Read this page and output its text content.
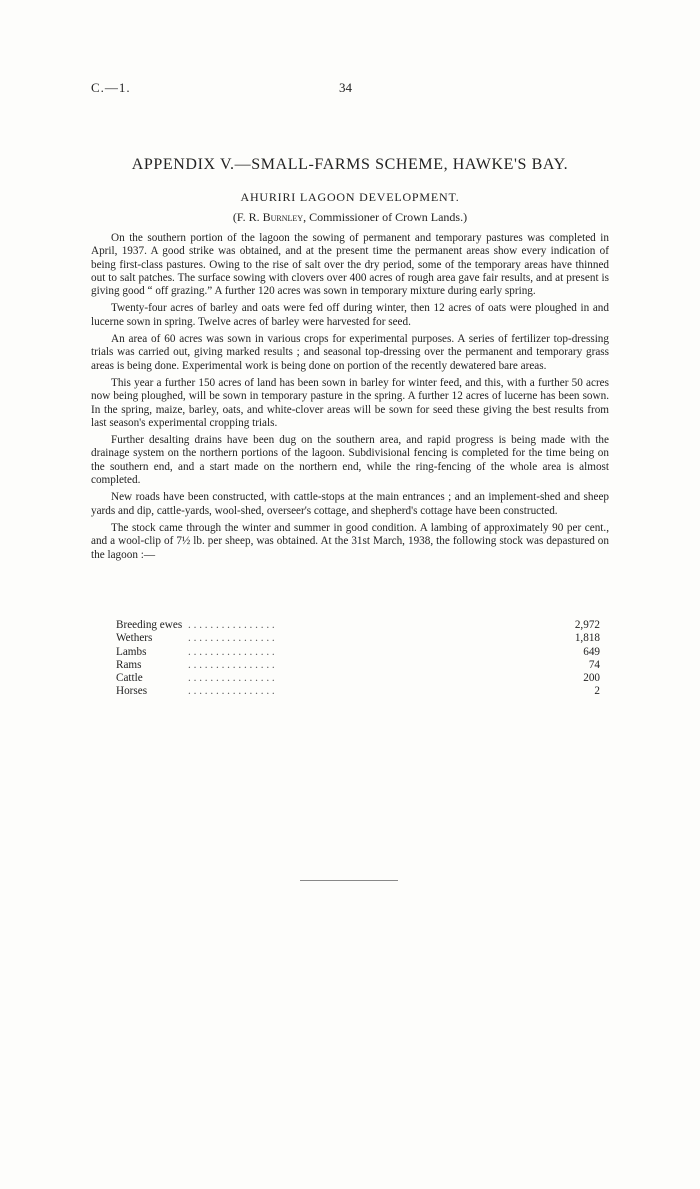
C.—1.	34
APPENDIX V.—SMALL-FARMS SCHEME, HAWKE'S BAY.
AHURIRI LAGOON DEVELOPMENT.
(F. R. Burnley, Commissioner of Crown Lands.)

On the southern portion of the lagoon the sowing of permanent and temporary pastures was completed in April, 1937. A good strike was obtained, and at the present time the permanent areas show every indication of being first-class pastures. Owing to the rise of salt over the dry period, some of the temporary areas have thinned out to salt patches. The surface sowing with clovers over 400 acres of rough area gave fair results, and at present is giving good “ off grazing.” A further 120 acres was sown in temporary mixture during early spring.

Twenty-four acres of barley and oats were fed off during winter, then 12 acres of oats were ploughed in and lucerne sown in spring. Twelve acres of barley were harvested for seed.

An area of 60 acres was sown in various crops for experimental purposes. A series of fertilizer top-dressing trials was carried out, giving marked results ; and seasonal top-dressing over the permanent and temporary grass areas is being done. Experimental work is being done on portion of the recently dewatered bare areas.

This year a further 150 acres of land has been sown in barley for winter feed, and this, with a further 50 acres now being ploughed, will be sown in temporary pasture in the spring. A further 12 acres of lucerne has been sown. In the spring, maize, barley, oats, and white-clover areas will be sown for seed these giving the best results from last season's experimental cropping trials.

Further desalting drains have been dug on the southern area, and rapid progress is being made with the drainage system on the northern portions of the lagoon. Subdivisional fencing is completed for the time being on the southern end, and a start made on the northern end, while the ring-fencing of the whole area is almost completed.

New roads have been constructed, with cattle-stops at the main entrances ; and an implement-shed and sheep yards and dip, cattle-yards, wool-shed, overseer's cottage, and shepherd's cottage have been constructed.

The stock came through the winter and summer in good condition. A lambing of approximately 90 per cent., and a wool-clip of 7½ lb. per sheep, was obtained. At the 31st March, 1938, the following stock was depastured on the lagoon :—

Breeding ewes	. . . . . . . . . . . . . . . .	2,972
Wethers	. . . . . . . . . . . . . . . .	1,818
Lambs	. . . . . . . . . . . . . . . .	649
Rams	. . . . . . . . . . . . . . . .	74
Cattle	. . . . . . . . . . . . . . . .	200
Horses	. . . . . . . . . . . . . . . .	2
